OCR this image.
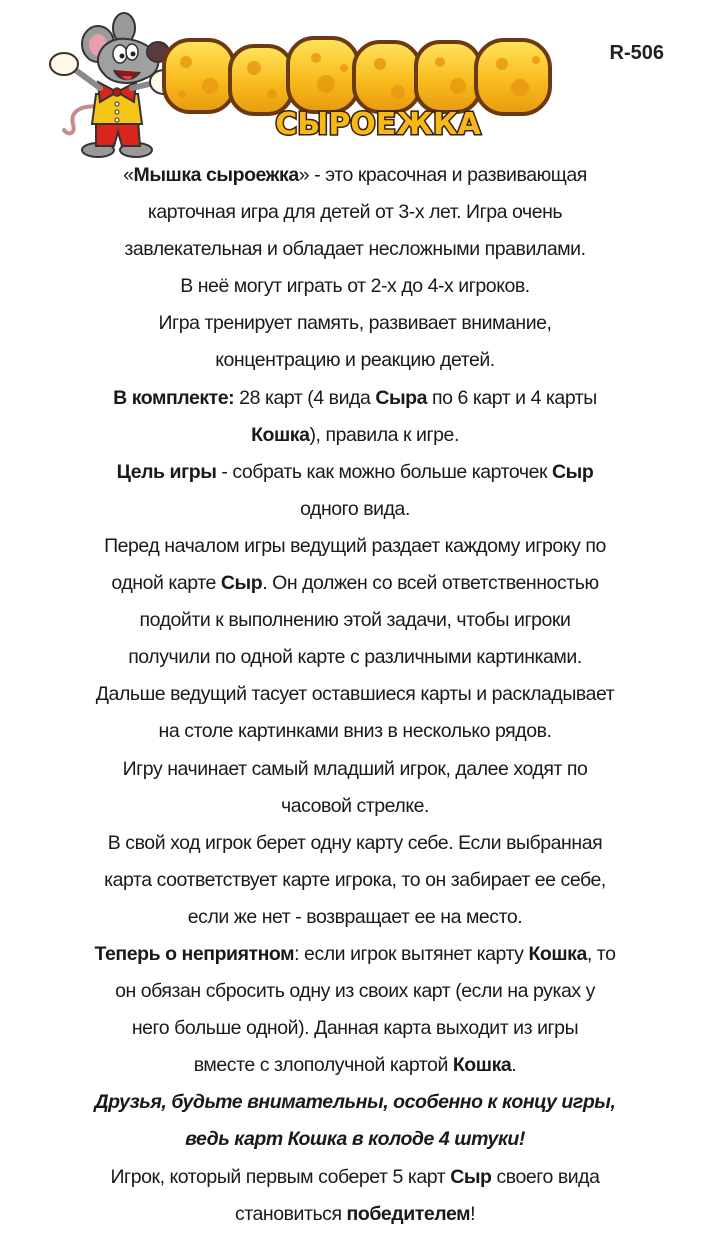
СЫРОЕЖКА
R-506
«Мышка сыроежка» - это красочная и развивающая
карточная игра для детей от 3-х лет. Игра очень
завлекательная и обладает несложными правилами.
В неё могут играть от 2-х до 4-х игроков.
Игра тренирует память, развивает внимание,
концентрацию и реакцию детей.
В комплекте: 28 карт (4 вида Сыра по 6 карт и 4 карты
Кошка), правила к игре.
Цель игры - собрать как можно больше карточек Сыр
одного вида.
Перед началом игры ведущий раздает каждому игроку по
одной карте Сыр. Он должен со всей ответственностью
подойти к выполнению этой задачи, чтобы игроки
получили по одной карте с различными картинками.
Дальше ведущий тасует оставшиеся карты и раскладывает
на столе картинками вниз в несколько рядов.
Игру начинает самый младший игрок, далее ходят по
часовой стрелке.
В свой ход игрок берет одну карту себе. Если выбранная
карта соответствует карте игрока, то он забирает ее себе,
если же нет - возвращает ее на место.
Теперь о неприятном: если игрок вытянет карту Кошка, то
он обязан сбросить одну из своих карт (если на руках у
него больше одной). Данная карта выходит из игры
вместе с злополучной картой Кошка.
Друзья, будьте внимательны, особенно к концу игры,
ведь карт Кошка в колоде 4 штуки!
Игрок, который первым соберет 5 карт Сыр своего вида
становиться победителем!
